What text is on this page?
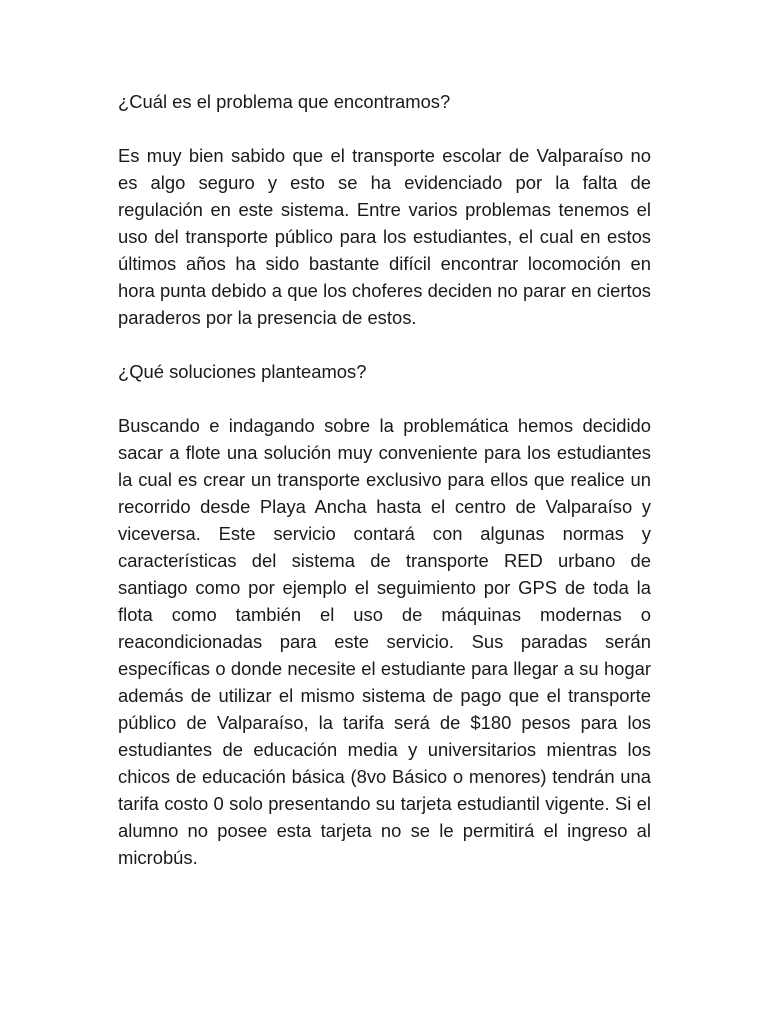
¿Cuál es el problema que encontramos?

Es muy bien sabido que el transporte escolar de Valparaíso no es algo seguro y esto se ha evidenciado por la falta de regulación en este sistema. Entre varios problemas tenemos el uso del transporte público para los estudiantes, el cual en estos últimos años ha sido bastante difícil encontrar locomoción en hora punta debido a que los choferes deciden no parar en ciertos paraderos por la presencia de estos.

¿Qué soluciones planteamos?

Buscando e indagando sobre la problemática hemos decidido sacar a flote una solución muy conveniente para los estudiantes la cual es crear un transporte exclusivo para ellos que realice un recorrido desde Playa Ancha hasta el centro de Valparaíso y viceversa. Este servicio contará con algunas normas y características del sistema de transporte RED urbano de santiago como por ejemplo el seguimiento por GPS de toda la flota como también el uso de máquinas modernas o reacondicionadas para este servicio. Sus paradas serán específicas o donde necesite el estudiante para llegar a su hogar además de utilizar el mismo sistema de pago que el transporte público de Valparaíso, la tarifa será de $180 pesos para los estudiantes de educación media y universitarios mientras los chicos de educación básica (8vo Básico o menores) tendrán una tarifa costo 0 solo presentando su tarjeta estudiantil vigente. Si el alumno no posee esta tarjeta no se le permitirá el ingreso al microbús.
